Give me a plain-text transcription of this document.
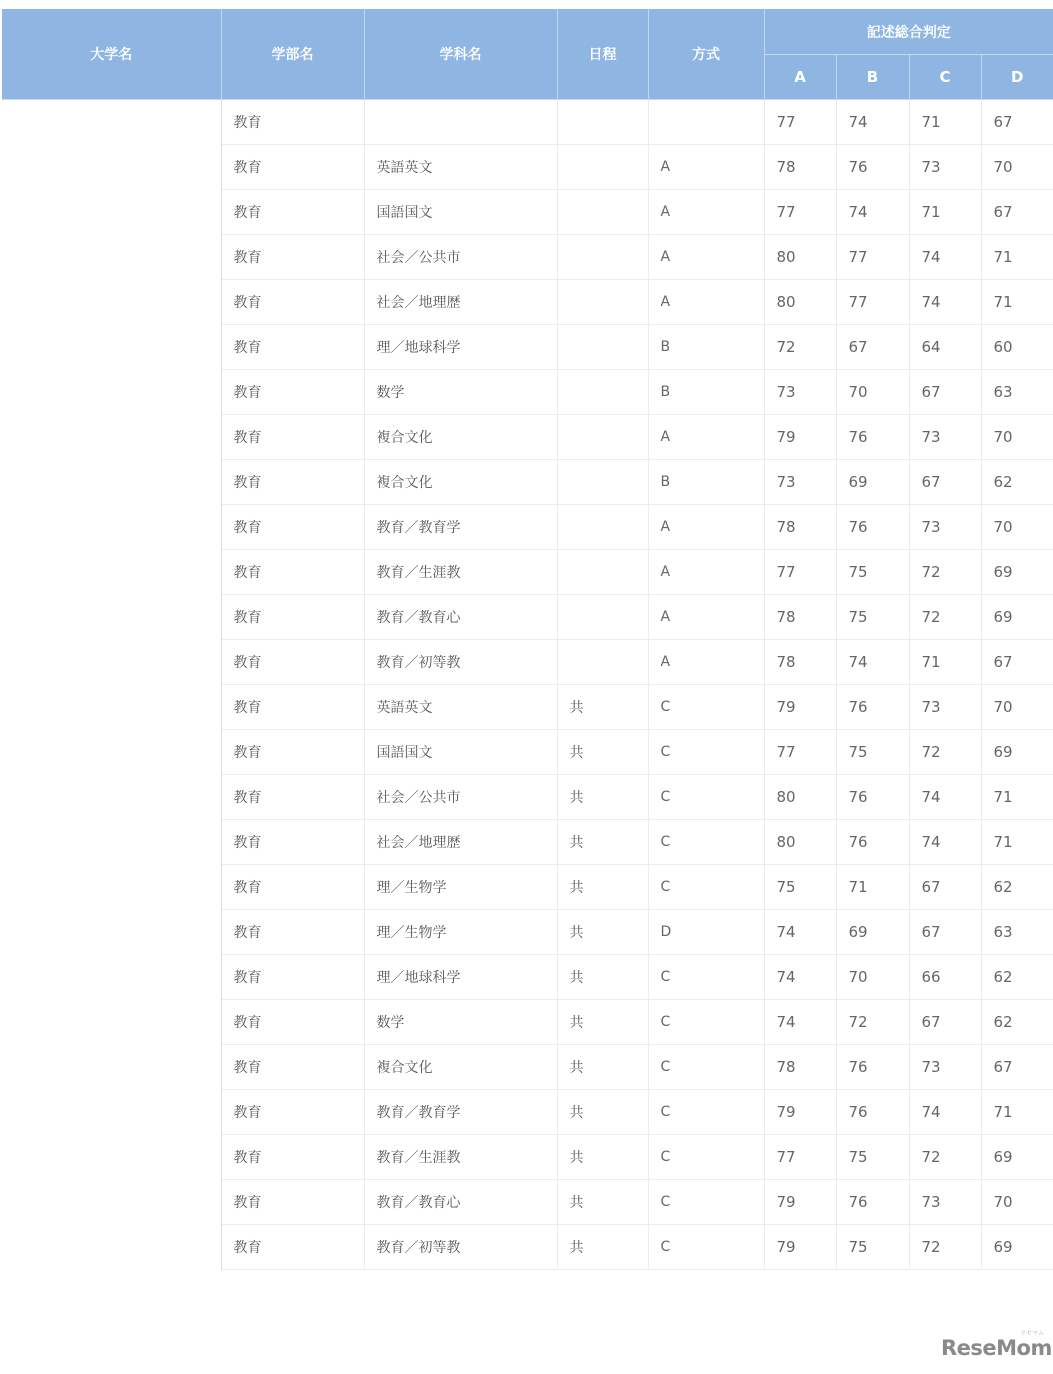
大学名	学部名	学科名	日程	方式	記述総合判定			
					A	B	C	D
	教育				77	74	71	67
	教育	英語英文		A	78	76	73	70
	教育	国語国文		A	77	74	71	67
	教育	社会／公共市		A	80	77	74	71
	教育	社会／地理歴		A	80	77	74	71
	教育	理／地球科学		B	72	67	64	60
	教育	数学		B	73	70	67	63
	教育	複合文化		A	79	76	73	70
	教育	複合文化		B	73	69	67	62
	教育	教育／教育学		A	78	76	73	70
	教育	教育／生涯教		A	77	75	72	69
	教育	教育／教育心		A	78	75	72	69
	教育	教育／初等教		A	78	74	71	67
	教育	英語英文	共	C	79	76	73	70
	教育	国語国文	共	C	77	75	72	69
	教育	社会／公共市	共	C	80	76	74	71
	教育	社会／地理歴	共	C	80	76	74	71
	教育	理／生物学	共	C	75	71	67	62
	教育	理／生物学	共	D	74	69	67	63
	教育	理／地球科学	共	C	74	70	66	62
	教育	数学	共	C	74	72	67	62
	教育	複合文化	共	C	78	76	73	67
	教育	教育／教育学	共	C	79	76	74	71
	教育	教育／生涯教	共	C	77	75	72	69
	教育	教育／教育心	共	C	79	76	73	70
	教育	教育／初等教	共	C	79	75	72	69
リセマム
ReseMom
